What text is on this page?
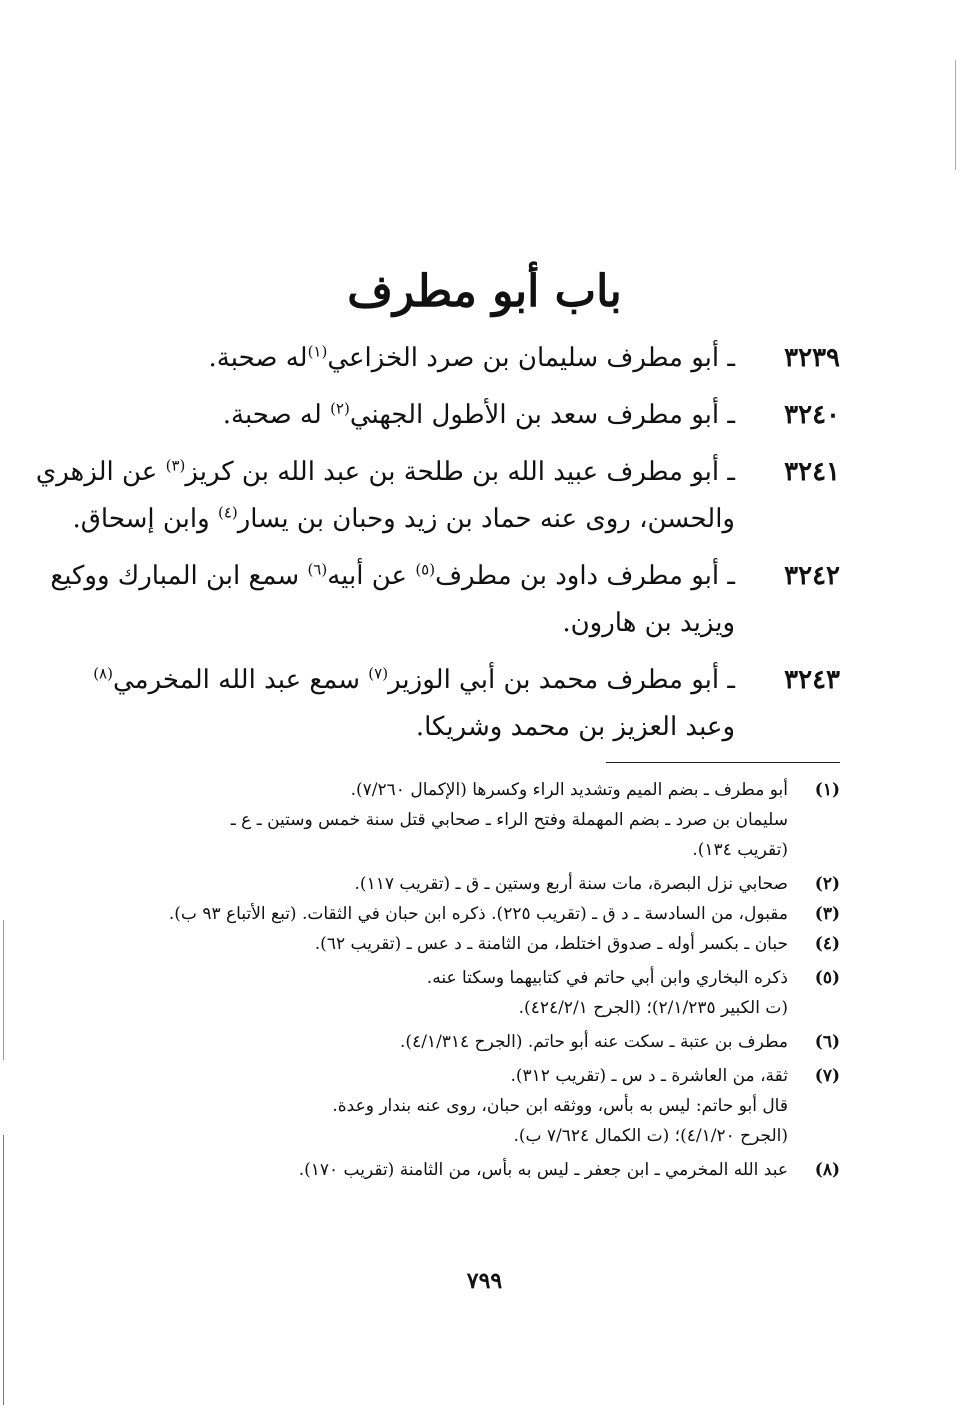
باب أبو مطرف
٣٢٣٩
ـ أبو مطرف سليمان بن صرد الخزاعي$^{(١)}$له صحبة.
٣٢٤٠
ـ أبو مطرف سعد بن الأطول الجهني$^{(٢)}$ له صحبة.
٣٢٤١
ـ أبو مطرف عبيد الله بن طلحة بن عبد الله بن كريز$^{(٣)}$ عن الزهري
والحسن، روى عنه حماد بن زيد وحبان بن يسار$^{(٤)}$ وابن إسحاق.
٣٢٤٢
ـ أبو مطرف داود بن مطرف$^{(٥)}$ عن أبيه$^{(٦)}$ سمع ابن المبارك ووكيع
ويزيد بن هارون.
٣٢٤٣
ـ أبو مطرف محمد بن أبي الوزير$^{(٧)}$ سمع عبد الله المخرمي$^{(٨)}$
وعبد العزيز بن محمد وشريكا.
(١)
أبو مطرف ـ بضم الميم وتشديد الراء وكسرها (الإكمال ٧/٢٦٠).
سليمان بن صرد ـ بضم المهملة وفتح الراء ـ صحابي قتل سنة خمس وستين ـ ع ـ
(تقريب ١٣٤).
(٢)
صحابي نزل البصرة، مات سنة أربع وستين ـ ق ـ (تقريب ١١٧).
(٣)
مقبول، من السادسة ـ د ق ـ (تقريب ٢٢٥). ذكره ابن حبان في الثقات. (تبع الأتباع ٩٣ ب).
(٤)
حبان ـ بكسر أوله ـ صدوق اختلط، من الثامنة ـ د عس ـ (تقريب ٦٢).
(٥)
ذكره البخاري وابن أبي حاتم في كتابيهما وسكتا عنه.
(ت الكبير ٢/١/٢٣٥)؛ (الجرح ٤٢٤/٢/١).
(٦)
مطرف بن عتبة ـ سكت عنه أبو حاتم. (الجرح ٤/١/٣١٤).
(٧)
ثقة، من العاشرة ـ د س ـ (تقريب ٣١٢).
قال أبو حاتم: ليس به بأس، ووثقه ابن حبان، روى عنه بندار وعدة.
(الجرح ٤/١/٢٠)؛ (ت الكمال ٧/٦٢٤ ب).
(٨)
عبد الله المخرمي ـ ابن جعفر ـ ليس به بأس، من الثامنة (تقريب ١٧٠).
٧٩٩
